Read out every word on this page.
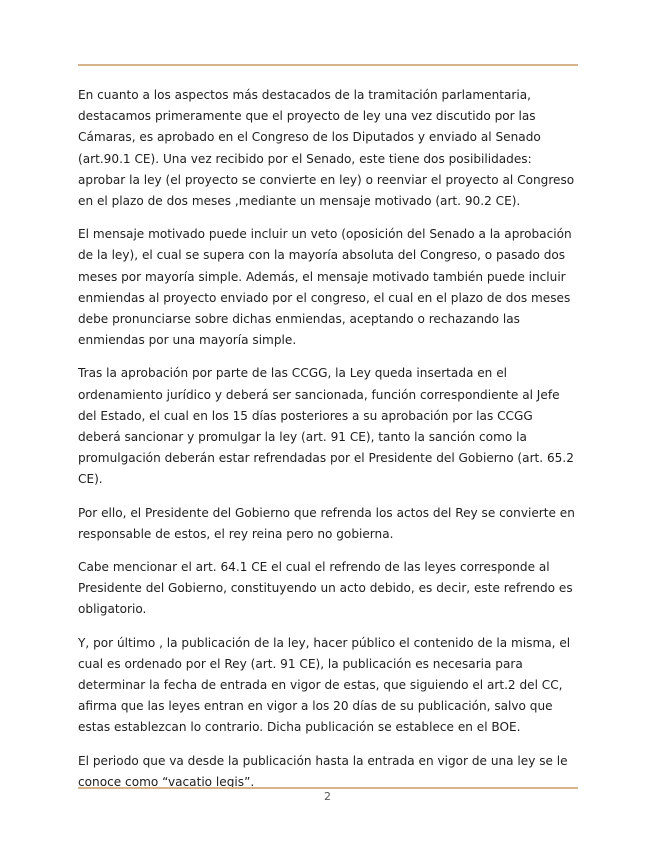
En cuanto a los aspectos más destacados de la tramitación parlamentaria, destacamos primeramente que el proyecto de ley una vez discutido por las Cámaras, es aprobado en el Congreso de los Diputados y enviado al Senado (art.90.1 CE). Una vez recibido por el Senado, este tiene dos posibilidades: aprobar la ley (el proyecto se convierte en ley) o reenviar el proyecto al Congreso en el plazo de dos meses ,mediante un mensaje motivado (art. 90.2 CE).

El mensaje motivado puede incluir un veto (oposición del Senado a la aprobación de la ley), el cual se supera con la mayoría absoluta del Congreso, o pasado dos meses por mayoría simple. Además, el mensaje motivado también puede incluir enmiendas al proyecto enviado por el congreso, el cual en el plazo de dos meses debe pronunciarse sobre dichas enmiendas, aceptando o rechazando las enmiendas por una mayoría simple.

Tras la aprobación por parte de las CCGG, la Ley queda insertada en el ordenamiento jurídico y deberá ser sancionada, función correspondiente al Jefe del Estado, el cual en los 15 días posteriores a su aprobación por las CCGG deberá sancionar y promulgar la ley (art. 91 CE), tanto la sanción como la promulgación deberán estar refrendadas por el Presidente del Gobierno (art. 65.2 CE).

Por ello, el Presidente del Gobierno que refrenda los actos del Rey se convierte en responsable de estos, el rey reina pero no gobierna.

Cabe mencionar el art. 64.1 CE el cual el refrendo de las leyes corresponde al Presidente del Gobierno, constituyendo un acto debido, es decir, este refrendo es obligatorio.

Y, por último , la publicación de la ley, hacer público el contenido de la misma, el cual es ordenado por el Rey (art. 91 CE), la publicación es necesaria para determinar la fecha de entrada en vigor de estas, que siguiendo el art.2 del CC, afirma que las leyes entran en vigor a los 20 días de su publicación, salvo que estas establezcan lo contrario. Dicha publicación se establece en el BOE.

El periodo que va desde la publicación hasta la entrada en vigor de una ley se le conoce como “vacatio legis”.

2
